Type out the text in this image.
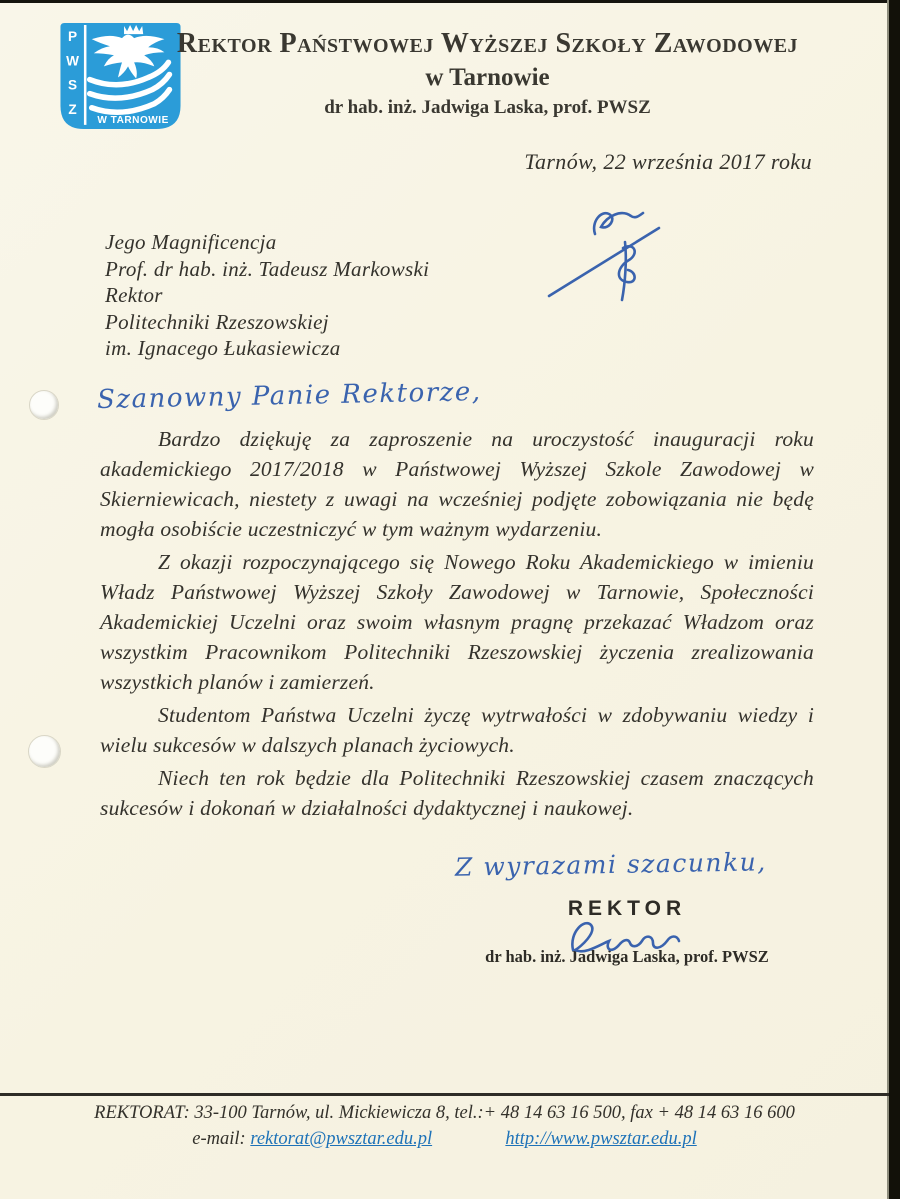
P
W
S
Z
W TARNOWIE
Rektor Państwowej Wyższej Szkoły Zawodowej
w Tarnowie
dr hab. inż. Jadwiga Laska, prof. PWSZ
Tarnów, 22 września 2017 roku
Jego Magnificencja
Prof. dr hab. inż. Tadeusz Markowski
Rektor
Politechniki Rzeszowskiej
im. Ignacego Łukasiewicza
Szanowny Panie Rektorze,

Bardzo dziękuję za zaproszenie na uroczystość inauguracji roku akademickiego 2017/2018 w Państwowej Wyższej Szkole Zawodowej w Skierniewicach, niestety z uwagi na wcześniej podjęte zobowiązania nie będę mogła osobiście uczestniczyć w tym ważnym wydarzeniu.

Z okazji rozpoczynającego się Nowego Roku Akademickiego w imieniu Władz Państwowej Wyższej Szkoły Zawodowej w Tarnowie, Społeczności Akademickiej Uczelni oraz swoim własnym pragnę przekazać Władzom oraz wszystkim Pracownikom Politechniki Rzeszowskiej życzenia zrealizowania wszystkich planów i zamierzeń.

Studentom Państwa Uczelni życzę wytrwałości w zdobywaniu wiedzy i wielu sukcesów w dalszych planach życiowych.

Niech ten rok będzie dla Politechniki Rzeszowskiej czasem znaczących sukcesów i dokonań w działalności dydaktycznej i naukowej.

Z wyrazami szacunku,
REKTOR
dr hab. inż. Jadwiga Laska, prof. PWSZ
REKTORAT: 33-100 Tarnów, ul. Mickiewicza 8, tel.:+ 48 14 63 16 500, fax + 48 14 63 16 600
e-mail: rektorat@pwsztar.edu.pl	http://www.pwsztar.edu.pl
